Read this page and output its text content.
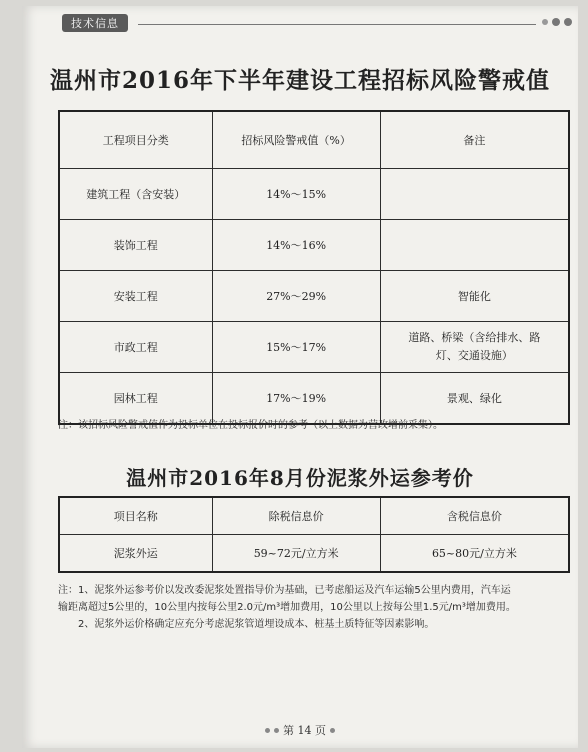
技术信息
温州市2016年下半年建设工程招标风险警戒值
工程项目分类	招标风险警戒值（%）	备注
建筑工程（含安装）	14%～15%	
装饰工程	14%～16%	
安装工程	27%～29%	智能化
市政工程	15%～17%	道路、桥梁（含给排水、路
灯、交通设施）

园林工程	17%～19%	景观、绿化
注：该招标风险警戒值作为投标单位在投标报价时的参考（以上数据为营改增前采集）。
温州市2016年8月份泥浆外运参考价
项目名称	除税信息价	含税信息价
泥浆外运	59~72元/立方米	65~80元/立方米
注：1、泥浆外运参考价以发改委泥浆处置指导价为基础，已考虑船运及汽车运输5公里内费用，汽车运
输距离超过5公里的，10公里内按每公里2.0元/m³增加费用，10公里以上按每公里1.5元/m³增加费用。
　　2、泥浆外运价格确定应充分考虑泥浆管道埋设成本、桩基土质特征等因素影响。
第 14 页
